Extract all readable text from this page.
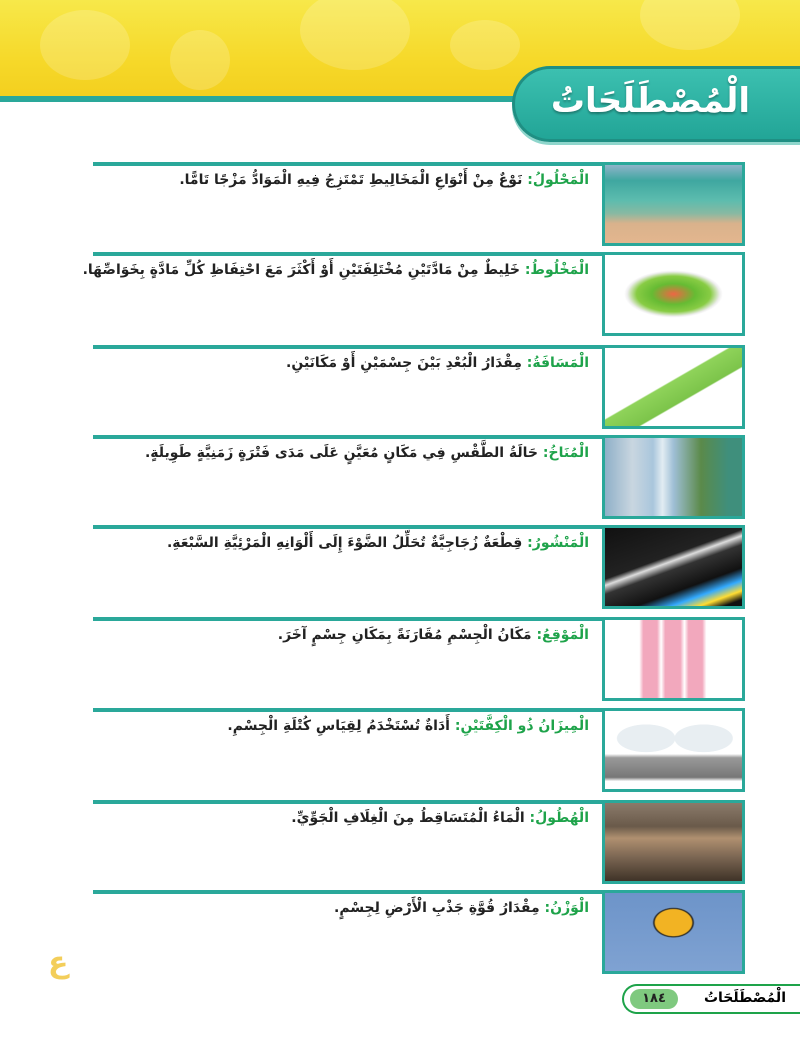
الْمُصْطَلَحَاتُ
الْمَحْلُولُ: نَوْعٌ مِنْ أَنْوَاعِ الْمَخَالِيطِ تَمْتَزِجُ فِيهِ الْمَوَادُّ مَزْجًا تَامًّا.
الْمَخْلُوطُ: خَلِيطٌ مِنْ مَادَّتَيْنِ مُخْتَلِفَتَيْنِ أَوْ أَكْثَرَ مَعَ احْتِفَاظِ كُلِّ مَادَّةٍ بِخَوَاصِّهَا.
الْمَسَافَةُ: مِقْدَارُ الْبُعْدِ بَيْنَ جِسْمَيْنِ أَوْ مَكَانَيْنِ.
الْمُنَاخُ: حَالَةُ الطَّقْسِ فِي مَكَانٍ مُعَيَّنٍ عَلَى مَدَى فَتْرَةٍ زَمَنِيَّةٍ طَوِيلَةٍ.
الْمَنْشُورُ: قِطْعَةٌ زُجَاجِيَّةٌ تُحَلِّلُ الضَّوْءَ إِلَى أَلْوَانِهِ الْمَرْئِيَّةِ السَّبْعَةِ.
الْمَوْقِعُ: مَكَانُ الْجِسْمِ مُقَارَنَةً بِمَكَانِ جِسْمٍ آخَرَ.
الْمِيزَانُ ذُو الْكِفَّتَيْنِ: أَدَاةٌ تُسْتَخْدَمُ لِقِيَاسِ كُتْلَةِ الْجِسْمِ.
الْهُطُولُ: الْمَاءُ الْمُتَسَاقِطُ مِنَ الْغِلَافِ الْجَوِّيِّ.
الْوَزْنُ: مِقْدَارُ قُوَّةِ جَذْبِ الْأَرْضِ لِجِسْمٍ.
ع
١٨٤	الْمُصْطَلَحَاتُ
